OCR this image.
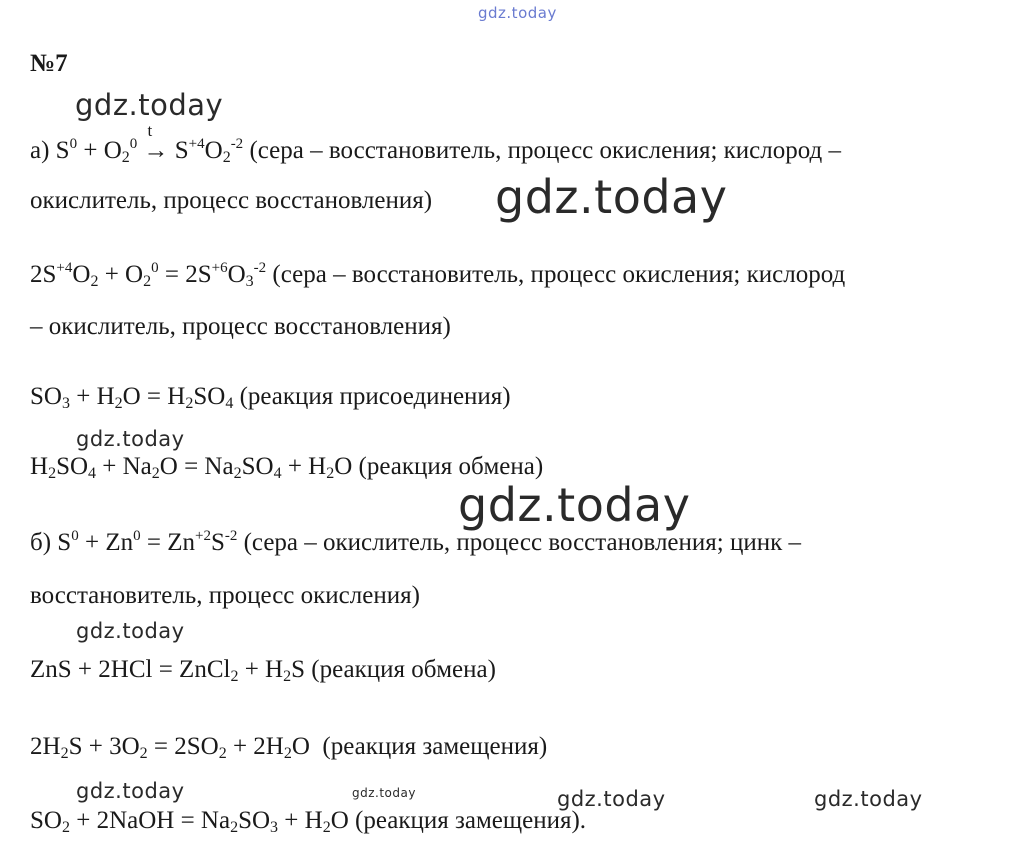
gdz.today
gdz.today
gdz.today
gdz.today
gdz.today
gdz.today
gdz.today	gdz.today	gdz.today	gdz.today
№7
а) $S^0 + O_2^0$
t
→ $S^{+4}O_2^{-2}$ (сера – восстановитель, процесс окисления; кислород –
окислитель, процесс восстановления)
$2S^{+4}O_2 + O_2^0 = 2S^{+6}O_3^{-2}$ (сера – восстановитель, процесс окисления; кислород
– окислитель, процесс восстановления)
$SO_3 + H_2O = H_2SO_4$ (реакция присоединения)
$H_2SO_4 + Na_2O = Na_2SO_4 + H_2O$ (реакция обмена)
б) $S^0 + Zn^0 = Zn^{+2}S^{-2}$ (сера – окислитель, процесс восстановления; цинк –
восстановитель, процесс окисления)
ZnS + 2HCl = ZnCl$_2$ + $H_2S$ (реакция обмена)
$2H_2S + 3O_2 = 2SO_2 + 2H_2O$ (реакция замещения)
$SO_2$ + 2NaOH = $Na_2SO_3 + H_2O$ (реакция замещения).
